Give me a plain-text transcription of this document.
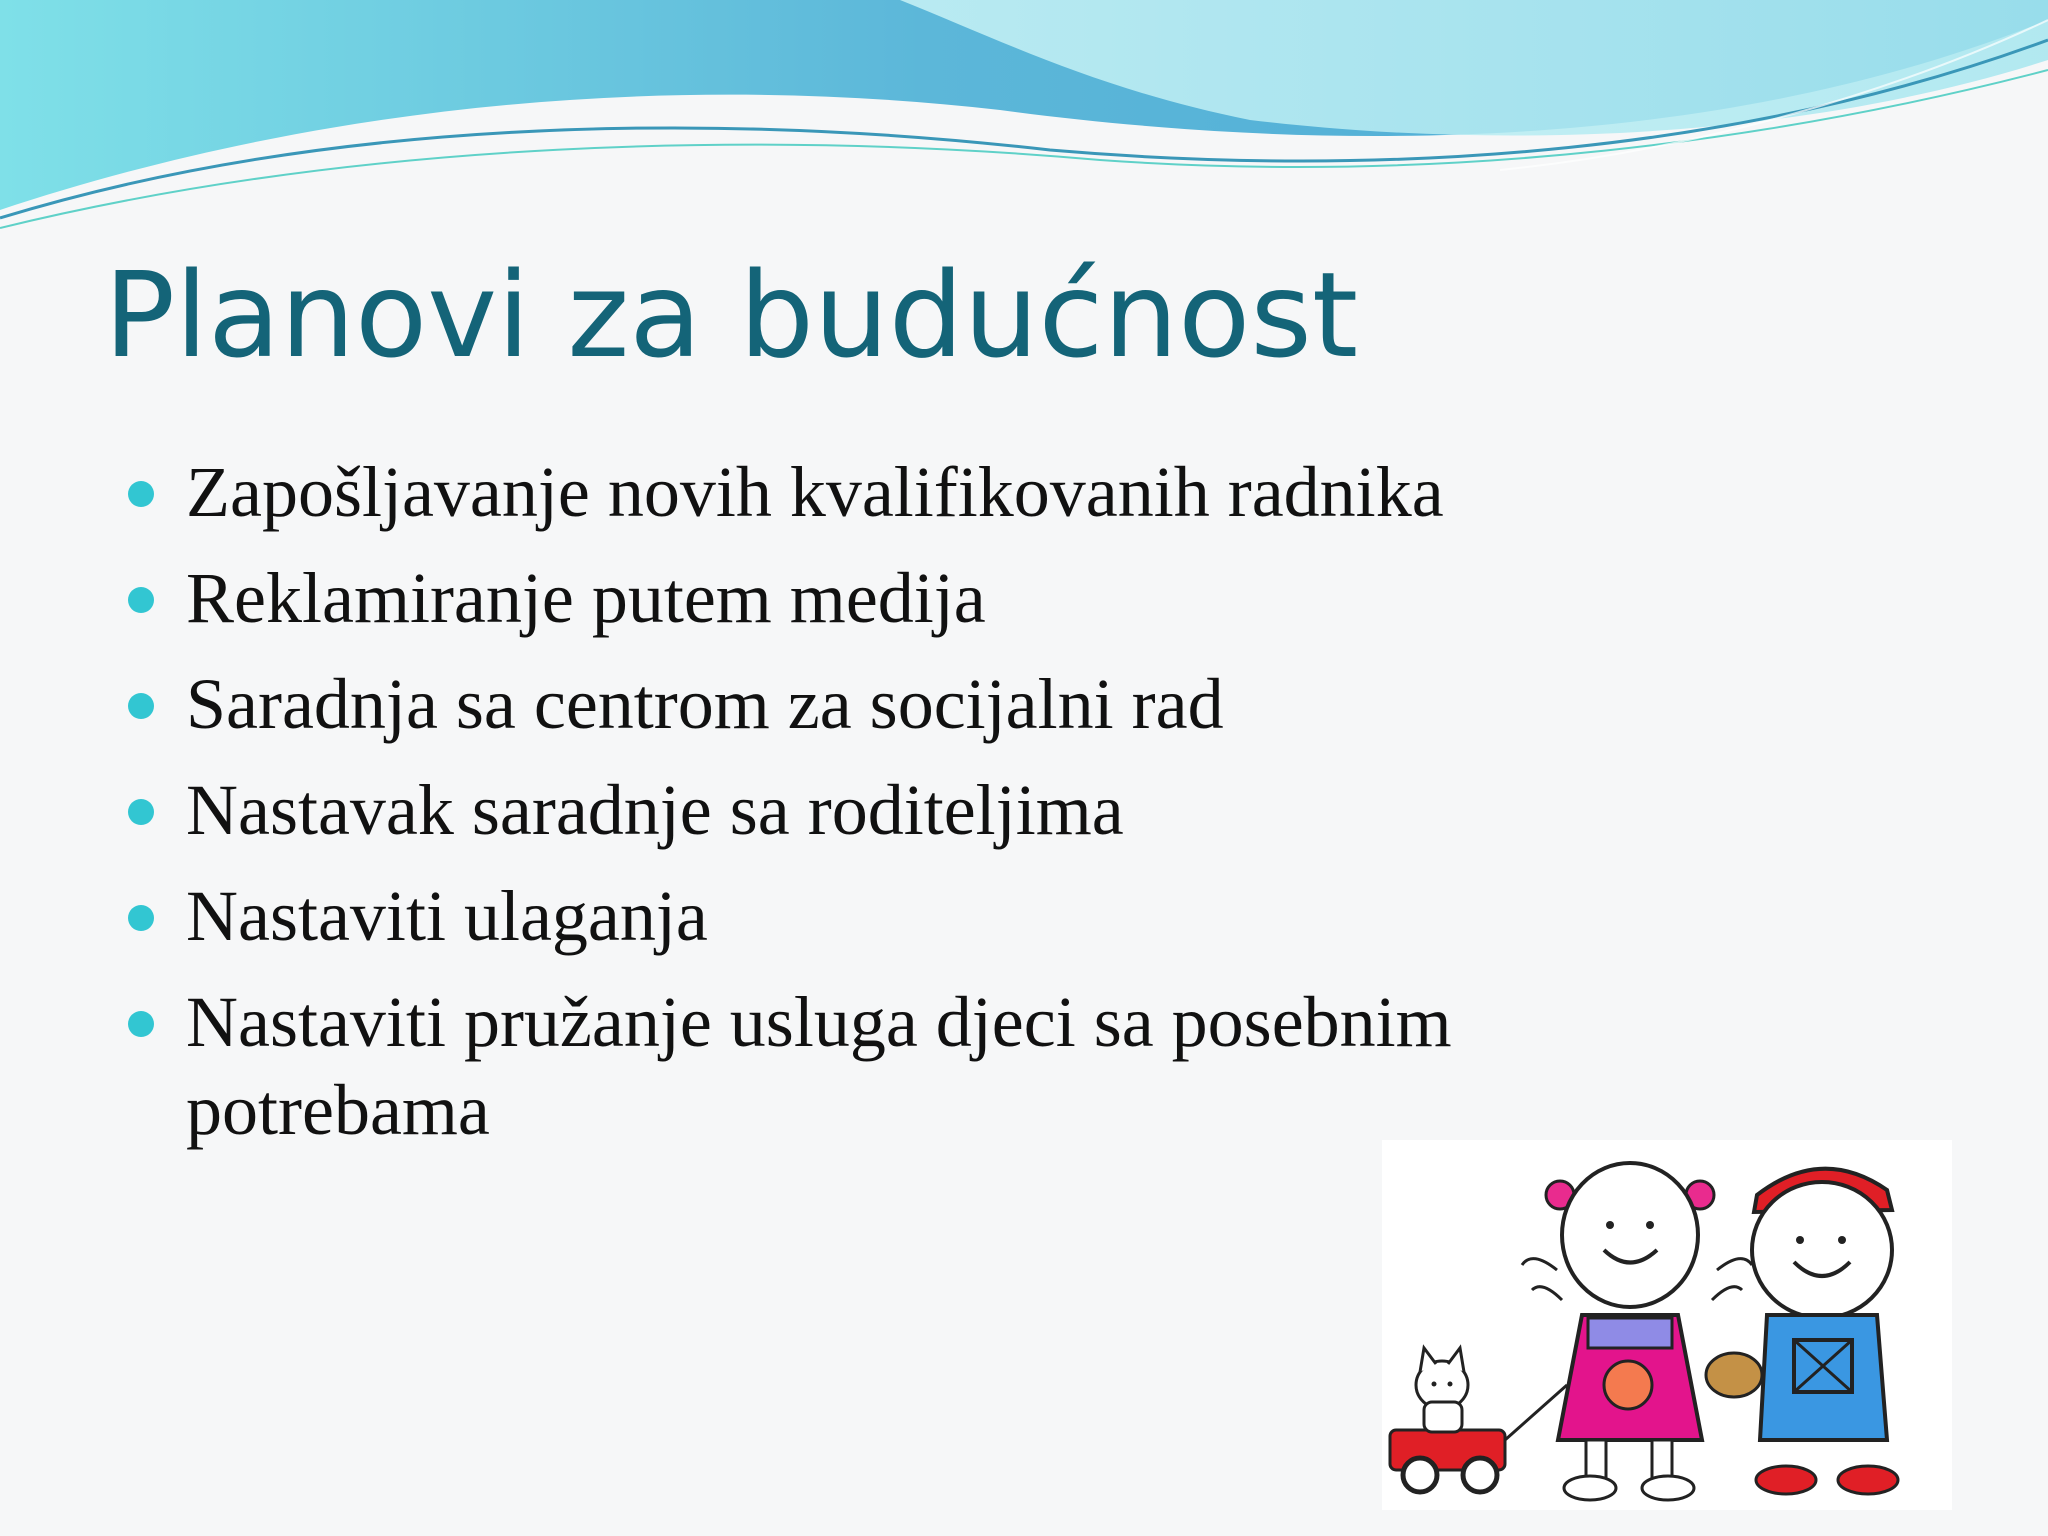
Planovi za budućnost
Zapošljavanje novih kvalifikovanih radnika
Reklamiranje putem medija
Saradnja sa centrom za socijalni rad
Nastavak saradnje sa roditeljima
Nastaviti ulaganja
Nastaviti pružanje usluga djeci sa posebnim potrebama
